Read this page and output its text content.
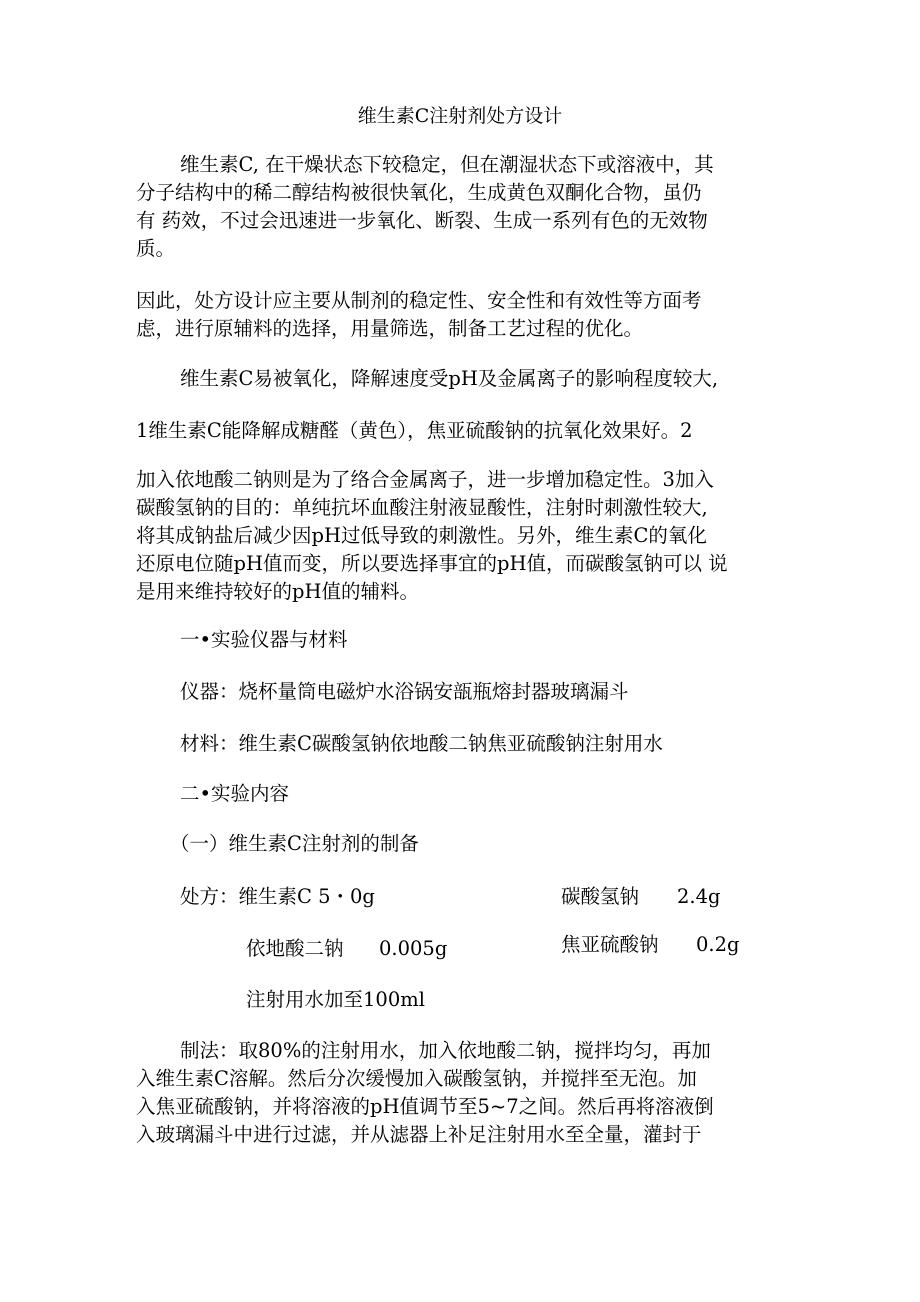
维生素C注射剂处方设计

维生素C, 在干燥状态下较稳定，但在潮湿状态下或溶液中，其

分子结构中的稀二醇结构被很快氧化，生成黄色双酮化合物，虽仍

有 药效，不过会迅速进一步氧化、断裂、生成一系列有色的无效物

质。

因此，处方设计应主要从制剂的稳定性、安全性和有效性等方面考

虑，进行原辅料的选择，用量筛选，制备工艺过程的优化。

维生素C易被氧化，降解速度受pH及金属离子的影响程度较大,

1维生素C能降解成糖醛（黄色），焦亚硫酸钠的抗氧化效果好。2

加入依地酸二钠则是为了络合金属离子，进一步增加稳定性。3加入

碳酸氢钠的目的：单纯抗坏血酸注射液显酸性，注射时刺激性较大,

将其成钠盐后减少因pH过低导致的刺激性。另外，维生素C的氧化

还原电位随pH值而变，所以要选择事宜的pH值，而碳酸氢钠可以 说

是用来维持较好的pH值的辅料。

一•实验仪器与材料

仪器：烧杯量筒电磁炉水浴锅安瓿瓶熔封器玻璃漏斗

材料：维生素C碳酸氢钠依地酸二钠焦亚硫酸钠注射用水

二•实验内容

（一）维生素C注射剂的制备

处方：维生素C 5・0g	碳酸氢钠 2.4g

依地酸二钠 0.005g	焦亚硫酸钠 0.2g

注射用水加至100ml

制法：取80%的注射用水，加入依地酸二钠，搅拌均匀，再加

入维生素C溶解。然后分次缓慢加入碳酸氢钠，并搅拌至无泡。加

入焦亚硫酸钠，并将溶液的pH值调节至5~7之间。然后再将溶液倒

入玻璃漏斗中进行过滤，并从滤器上补足注射用水至全量，灌封于
